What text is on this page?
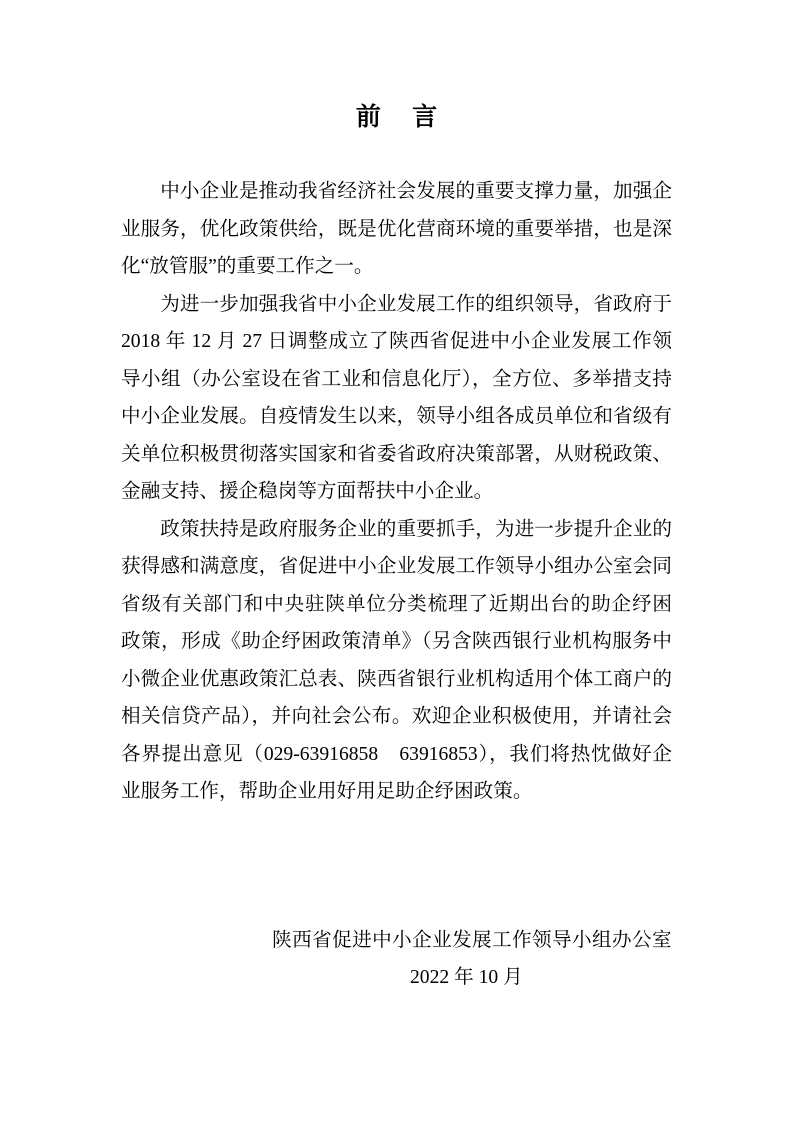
前 言
中小企业是推动我省经济社会发展的重要支撑力量，加强企
业服务，优化政策供给，既是优化营商环境的重要举措，也是深
化“放管服”的重要工作之一。
为进一步加强我省中小企业发展工作的组织领导，省政府于
2018 年 12 月 27 日调整成立了陕西省促进中小企业发展工作领
导小组（办公室设在省工业和信息化厅），全方位、多举措支持
中小企业发展。自疫情发生以来，领导小组各成员单位和省级有
关单位积极贯彻落实国家和省委省政府决策部署，从财税政策、
金融支持、援企稳岗等方面帮扶中小企业。
政策扶持是政府服务企业的重要抓手，为进一步提升企业的
获得感和满意度，省促进中小企业发展工作领导小组办公室会同
省级有关部门和中央驻陕单位分类梳理了近期出台的助企纾困
政策，形成《助企纾困政策清单》（另含陕西银行业机构服务中
小微企业优惠政策汇总表、陕西省银行业机构适用个体工商户的
相关信贷产品），并向社会公布。欢迎企业积极使用，并请社会
各界提出意见（029-63916858　63916853），我们将热忱做好企
业服务工作，帮助企业用好用足助企纾困政策。
陕西省促进中小企业发展工作领导小组办公室
2022 年 10 月
